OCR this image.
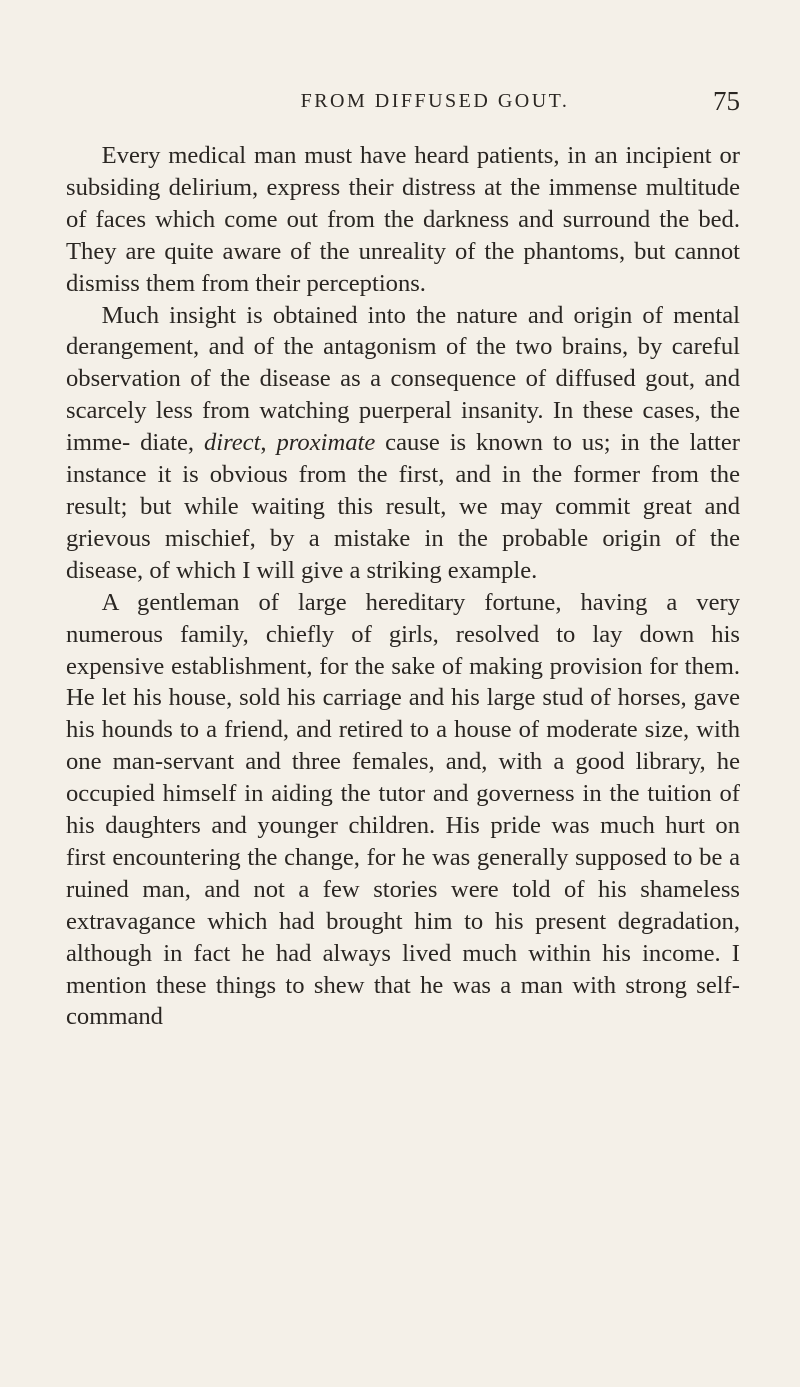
FROM DIFFUSED GOUT.	75

Every medical man must have heard patients, in an incipient or subsiding delirium, express their distress at the immense multitude of faces which come out from the darkness and surround the bed. They are quite aware of the unreality of the phantoms, but cannot dismiss them from their perceptions.

Much insight is obtained into the nature and origin of mental derangement, and of the antagonism of the two brains, by careful observation of the disease as a consequence of diffused gout, and scarcely less from watching puerperal insanity. In these cases, the imme- diate, direct, proximate cause is known to us; in the latter instance it is obvious from the first, and in the former from the result; but while waiting this result, we may commit great and grievous mischief, by a mistake in the probable origin of the disease, of which I will give a striking example.

A gentleman of large hereditary fortune, having a very numerous family, chiefly of girls, resolved to lay down his expensive establishment, for the sake of making provision for them. He let his house, sold his carriage and his large stud of horses, gave his hounds to a friend, and retired to a house of moderate size, with one man-servant and three females, and, with a good library, he occupied himself in aiding the tutor and governess in the tuition of his daughters and younger children. His pride was much hurt on first encountering the change, for he was generally supposed to be a ruined man, and not a few stories were told of his shameless extravagance which had brought him to his present degradation, although in fact he had always lived much within his income. I mention these things to shew that he was a man with strong self-command
